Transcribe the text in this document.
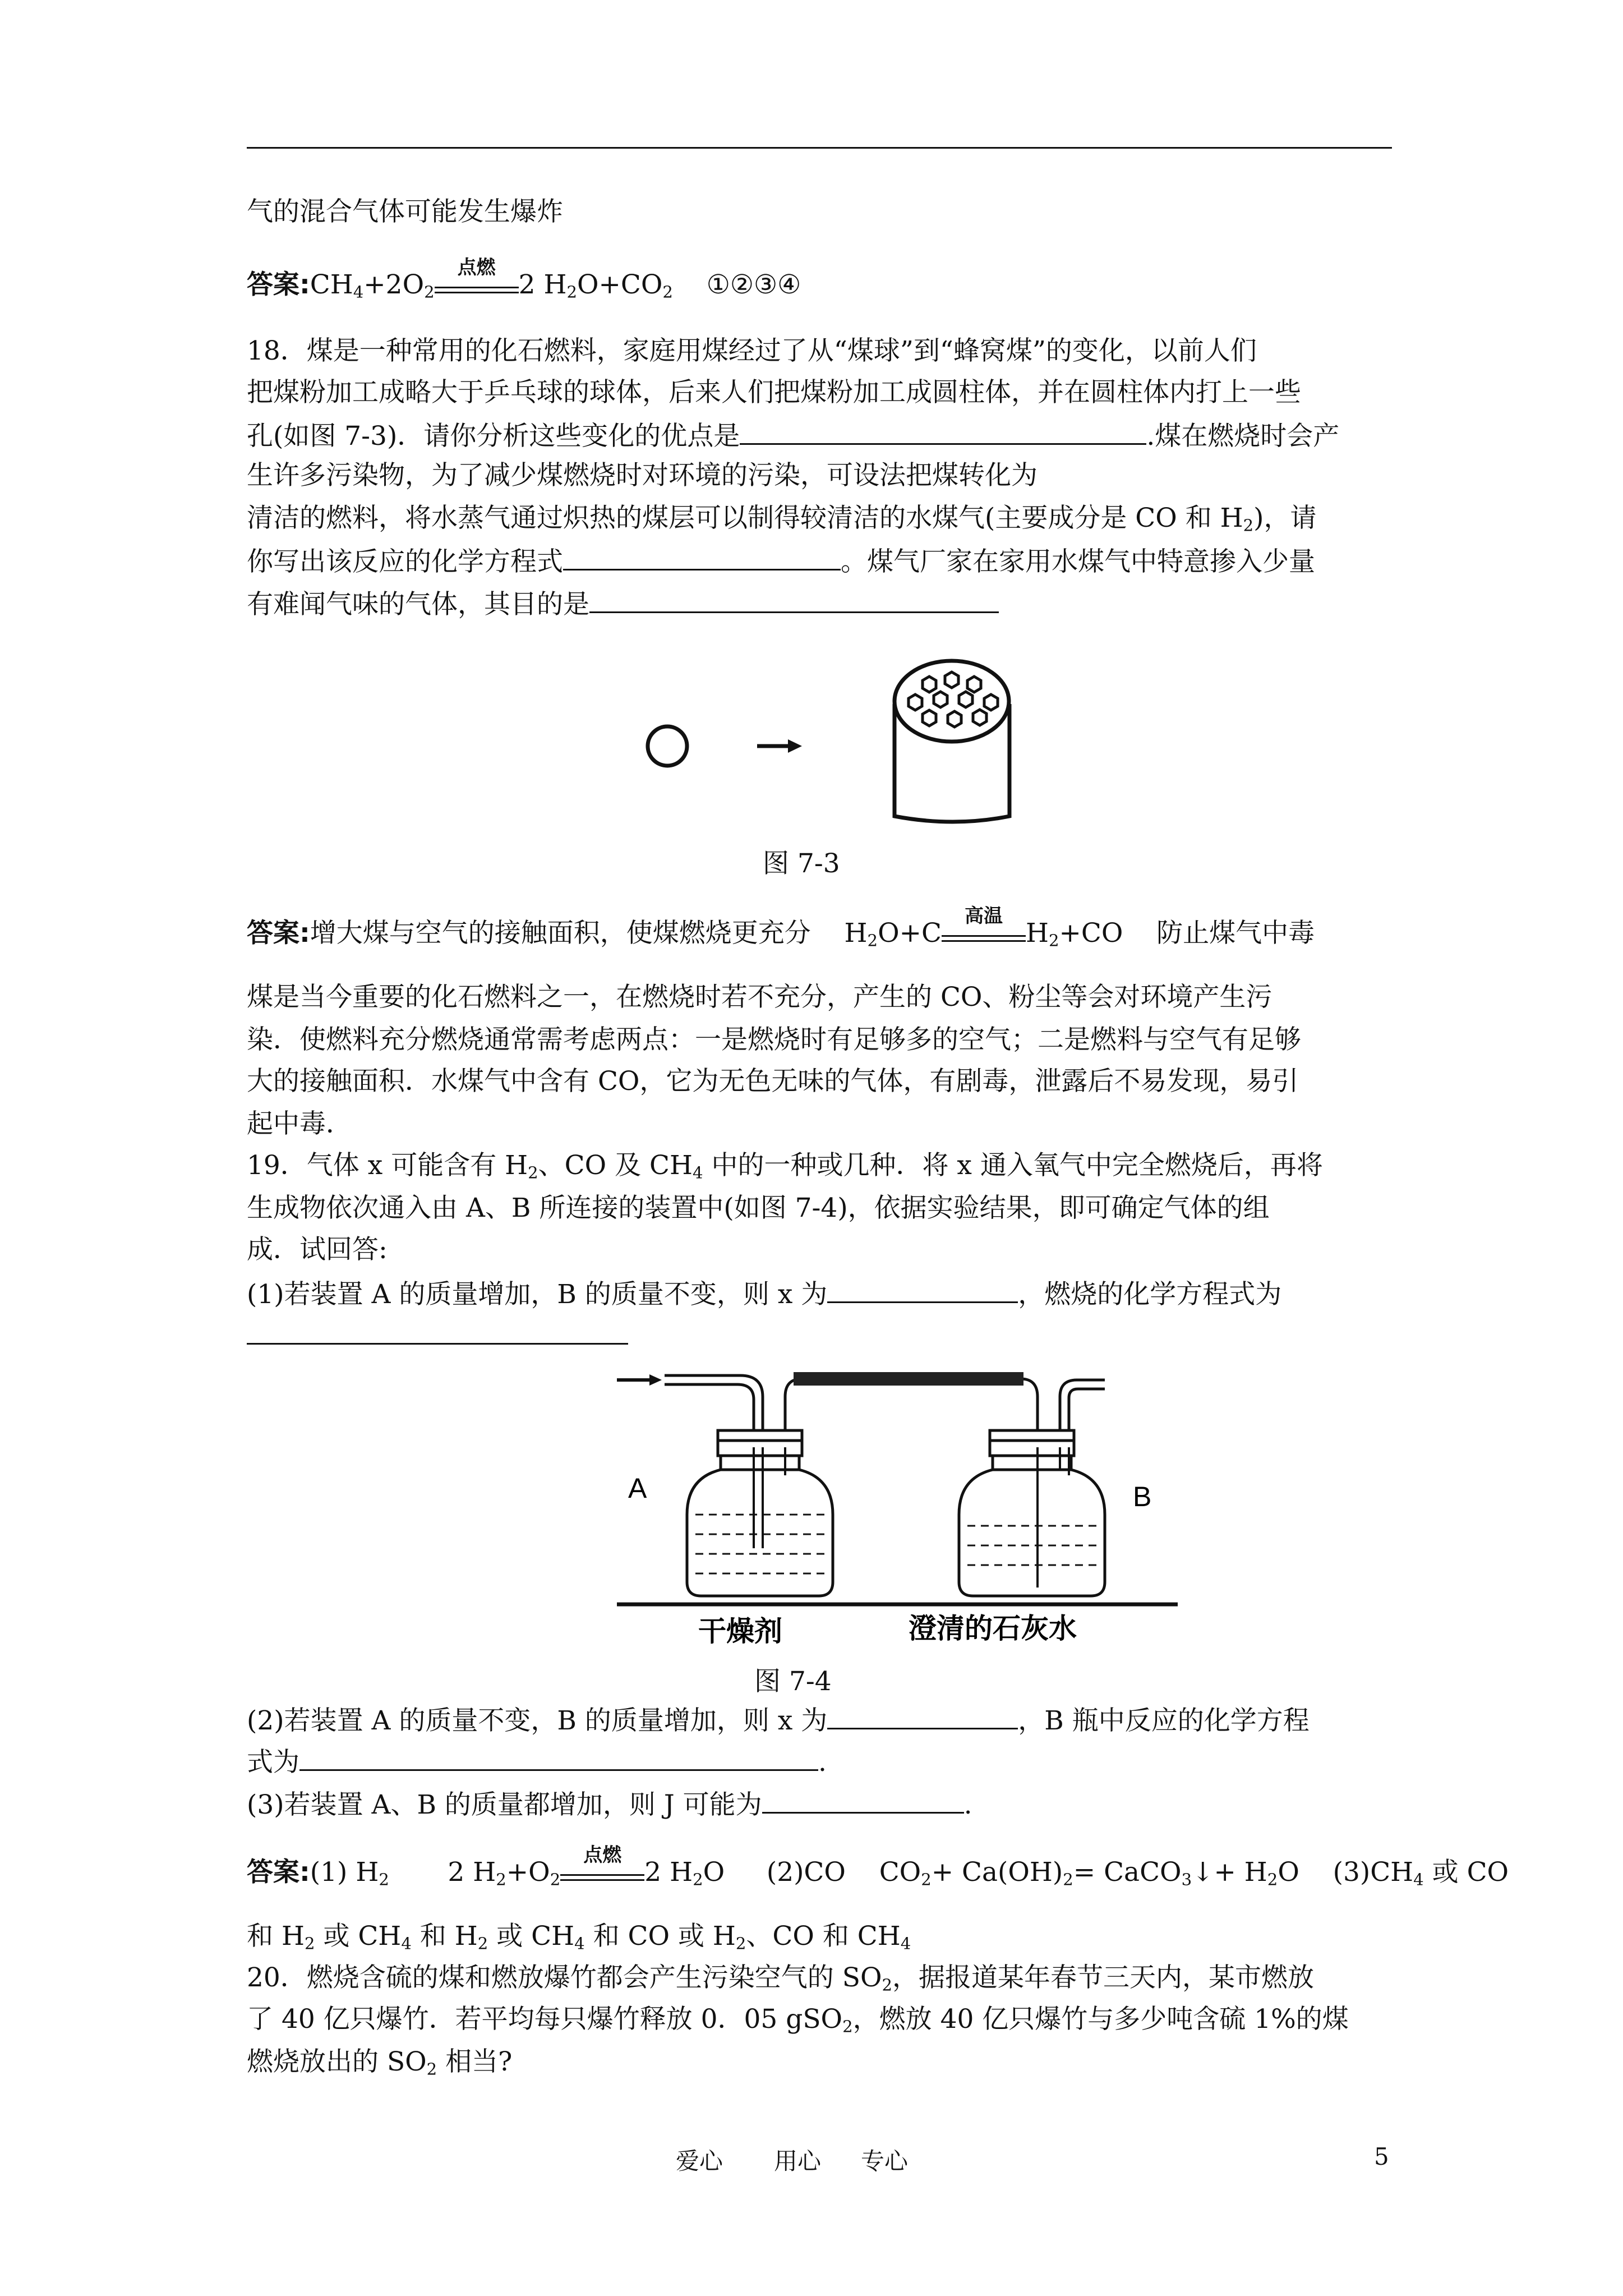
气的混合气体可能发生爆炸
答案$:CH_4+2O_2$
点燃
2 $H_2O+CO_2$ ①②③④
18．煤是一种常用的化石燃料，家庭用煤经过了从“煤球”到“蜂窝煤”的变化，以前人们
把煤粉加工成略大于乒乓球的球体，后来人们把煤粉加工成圆柱体，并在圆柱体内打上一些
孔(如图 7-3)．请你分析这些变化的优点是	.煤在燃烧时会产
生许多污染物，为了减少煤燃烧时对环境的污染，可设法把煤转化为
清洁的燃料，将水蒸气通过炽热的煤层可以制得较清洁的水煤气(主要成分是 CO 和 $H_2$)，请
你写出该反应的化学方程式	。煤气厂家在家用水煤气中特意掺入少量
有难闻气味的气体，其目的是
图 7-3
答案:增大煤与空气的接触面积，使煤燃烧更充分    $H_2O+C$
高温
$H_2+CO$    防止煤气中毒
煤是当今重要的化石燃料之一，在燃烧时若不充分，产生的 CO、粉尘等会对环境产生污
染．使燃料充分燃烧通常需考虑两点：一是燃烧时有足够多的空气；二是燃料与空气有足够
大的接触面积．水煤气中含有 CO，它为无色无味的气体，有剧毒，泄露后不易发现，易引
起中毒．
19．气体 x 可能含有 $H_2$、CO 及 $CH_4$ 中的一种或几种．将 x 通入氧气中完全燃烧后，再将
生成物依次通入由 A、B 所连接的装置中(如图 7-4)，依据实验结果，即可确定气体的组
成．试回答:
(1)若装置 A 的质量增加，B 的质量不变，则 x 为	，燃烧的化学方程式为
A	B
干燥剂	澄清的石灰水
图 7-4
(2)若装置 A 的质量不变，B 的质量增加，则 x 为	，B 瓶中反应的化学方程
式为	.
(3)若装置 A、B 的质量都增加，则 J 可能为	.
答案:(1) $H_2$       2 $H_2+O_2$
点燃
2 $H_2O$     (2)CO    $CO_2+ Ca(OH)_2=$ CaCO$_3$↓+ $H_2O$    $(3)CH_4$ 或 CO
和 $H_2$ 或 $CH_4$ 和 $H_2$ 或 $CH_4$ 和 CO 或 $H_2$、CO 和 $CH_4$
20．燃烧含硫的煤和燃放爆竹都会产生污染空气的 $SO_2$，据报道某年春节三天内，某市燃放
了 40 亿只爆竹．若平均每只爆竹释放 0．05 gSO$_2$，燃放 40 亿只爆竹与多少吨含硫 1%的煤
燃烧放出的 $SO_2$ 相当?
爱心 用心 专心	5
